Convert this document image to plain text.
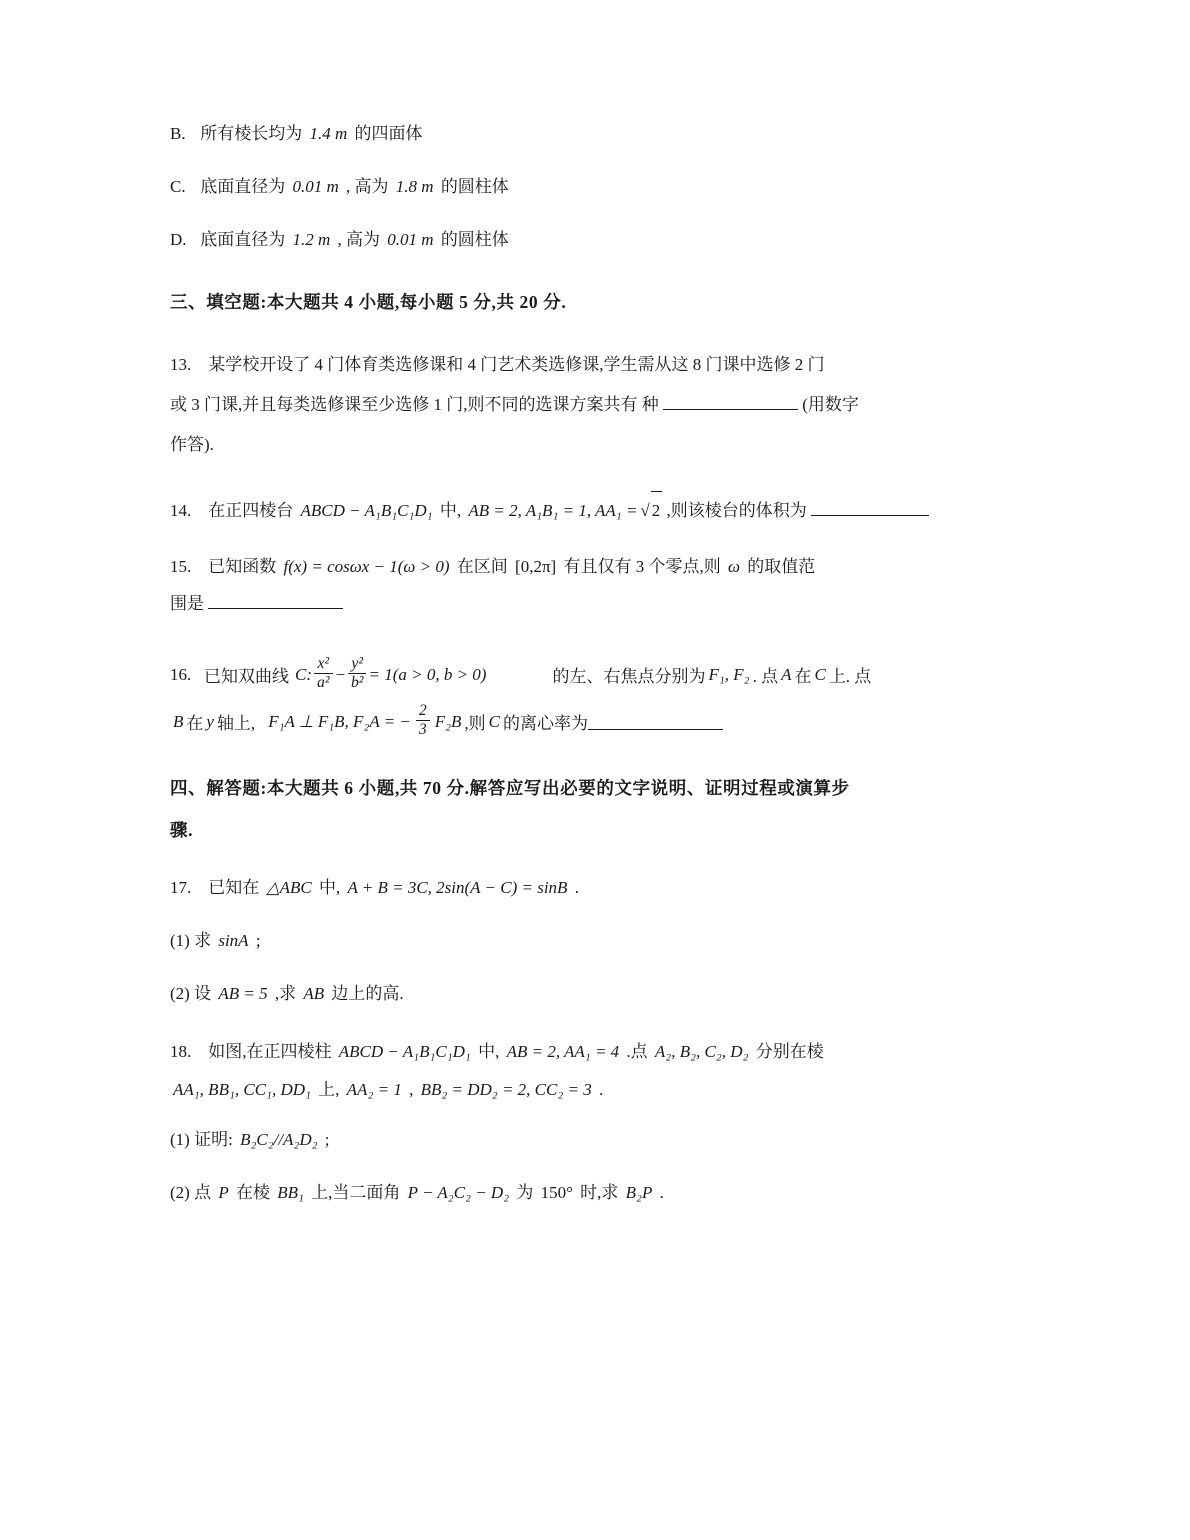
B. 所有棱长均为 1.4 m 的四面体
C. 底面直径为 0.01 m , 高为 1.8 m 的圆柱体
D. 底面直径为 1.2 m , 高为 0.01 m 的圆柱体
三、填空题:本大题共 4 小题,每小题 5 分,共 20 分.
13. 某学校开设了 4 门体育类选修课和 4 门艺术类选修课,学生需从这 8 门课中选修 2 门
或 3 门课,并且每类选修课至少选修 1 门,则不同的选课方案共有 种	(用数字
作答).
14. 在正四棱台 ABCD − A₁B₁C₁D₁ 中, AB = 2, A₁B₁ = 1, AA₁ = √ 2 ,则该棱台的体积为
15. 已知函数 f(x) = cosωx − 1(ω > 0) 在区间 [0,2π] 有且仅有 3 个零点,则 ω 的取值范
围是
16. 已知双曲线 C: $\frac{\text{x²}}{\text{a²}} - \frac{\text{y²}}{\text{b²}} = 1(a > 0$, b > 0)	的左、右焦点分别为 F₁, F₂ . 点 A 在 C 上. 点
B 在 y 轴上, F₁A ⊥ F₁B, F₂A = − $\frac{2}{3} F_2B$ ,则 C 的离心率为
四、解答题:本大题共 6 小题,共 70 分.解答应写出必要的文字说明、证明过程或演算步
骤.
17. 已知在 △ABC 中, A + B = 3C, 2sin(A − C) = sinB .
(1) 求 sinA ;
(2) 设 AB = 5 ,求 AB 边上的高.
18. 如图,在正四棱柱 ABCD − A₁B₁C₁D₁ 中, AB = 2, AA₁ = 4 .点 A₂, B₂, C₂, D₂ 分别在棱
AA₁, BB₁, CC₁, DD₁ 上, AA₂ = 1 , BB₂ = DD₂ = 2, CC₂ = 3 .
(1) 证明: B₂C₂//A₂D₂ ;
(2) 点 P 在棱 BB₁ 上,当二面角 P − A₂C₂ − D₂ 为 150° 时,求 B₂P .
